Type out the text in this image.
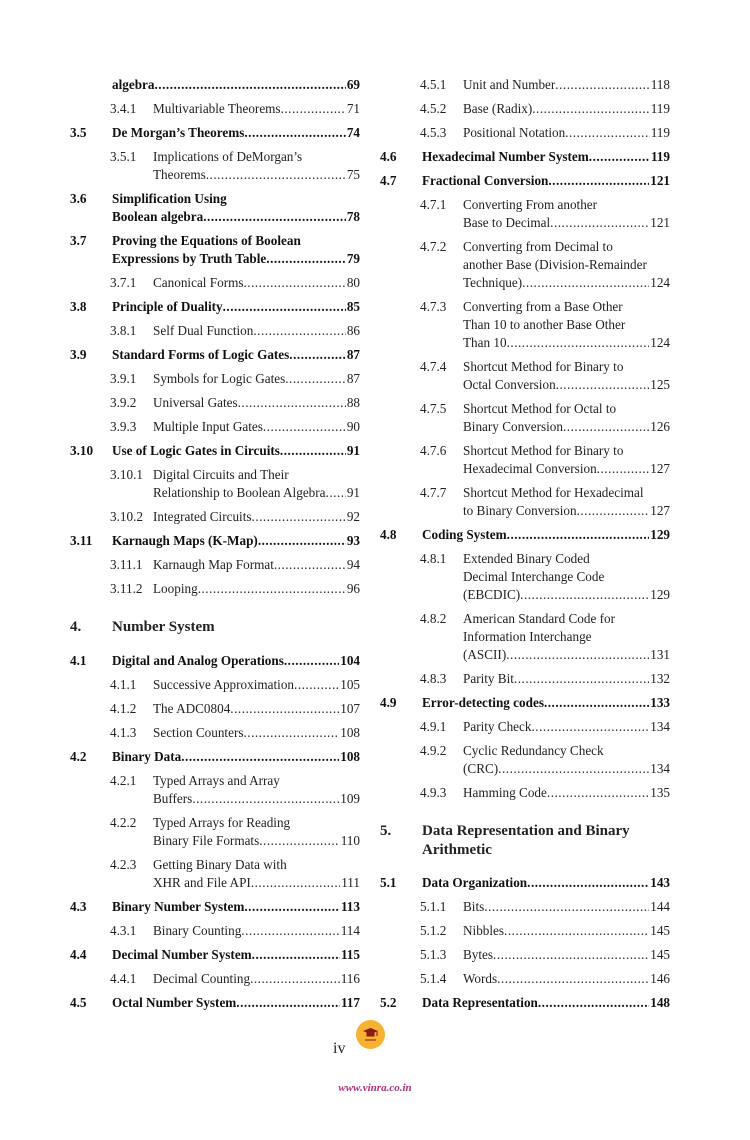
algebra .....	69
3.4.1 Multivariable Theorems .....	71
3.5 De Morgan’s Theorems .....	74
3.5.1 Implications of DeMorgan’s
Theorems .....	75
3.6 Simplification Using
Boolean algebra .....	78
3.7 Proving the Equations of Boolean
Expressions by Truth Table .....	79
3.7.1 Canonical Forms .....	80
3.8 Principle of Duality .....	85
3.8.1 Self Dual Function .....	86
3.9 Standard Forms of Logic Gates .....	87
3.9.1 Symbols for Logic Gates .....	87
3.9.2 Universal Gates .....	88
3.9.3 Multiple Input Gates .....	90
3.10 Use of Logic Gates in Circuits .....	91
3.10.1 Digital Circuits and Their
Relationship to Boolean Algebra ..... 91
3.10.2 Integrated Circuits .....	92
3.11 Karnaugh Maps (K-Map) .....	93
3.11.1 Karnaugh Map Format .....	94
3.11.2 Looping .....	96
4. Number System
4.1 Digital and Analog Operations .....	104
4.1.1 Successive Approximation .....	105
4.1.2 The ADC0804 .....	107
4.1.3 Section Counters .....	108
4.2 Binary Data .....	108
4.2.1 Typed Arrays and Array
Buffers .....	109
4.2.2 Typed Arrays for Reading
Binary File Formats .....	110
4.2.3 Getting Binary Data with
XHR and File API .....	111
4.3 Binary Number System .....	113
4.3.1 Binary Counting .....	114
4.4 Decimal Number System .....	115
4.4.1 Decimal Counting .....	116
4.5 Octal Number System .....	117
4.5.1 Unit and Number .....	118
4.5.2 Base (Radix) .....	119
4.5.3 Positional Notation .....	119
4.6 Hexadecimal Number System .....	119
4.7 Fractional Conversion .....	121
4.7.1 Converting From another
Base to Decimal .....	121
4.7.2 Converting from Decimal to
another Base (Division-Remainder
Technique) .....	124
4.7.3 Converting from a Base Other
Than 10 to another Base Other
Than 10 .....	124
4.7.4 Shortcut Method for Binary to
Octal Conversion .....	125
4.7.5 Shortcut Method for Octal to
Binary Conversion .....	126
4.7.6 Shortcut Method for Binary to
Hexadecimal Conversion .....	127
4.7.7 Shortcut Method for Hexadecimal
to Binary Conversion .....	127
4.8 Coding System .....	129
4.8.1 Extended Binary Coded
Decimal Interchange Code
(EBCDIC) .....	129
4.8.2 American Standard Code for
Information Interchange
(ASCII) .....	131
4.8.3 Parity Bit .....	132
4.9 Error-detecting codes .....	133
4.9.1 Parity Check .....	134
4.9.2 Cyclic Redundancy Check
(CRC) .....	134
4.9.3 Hamming Code .....	135
5. Data Representation and Binary
Arithmetic
5.1 Data Organization .....	143
5.1.1 Bits .....	144
5.1.2 Nibbles .....	145
5.1.3 Bytes .....	145
5.1.4 Words .....	146
5.2 Data Representation .....	148
iv
www.vinra.co.in
